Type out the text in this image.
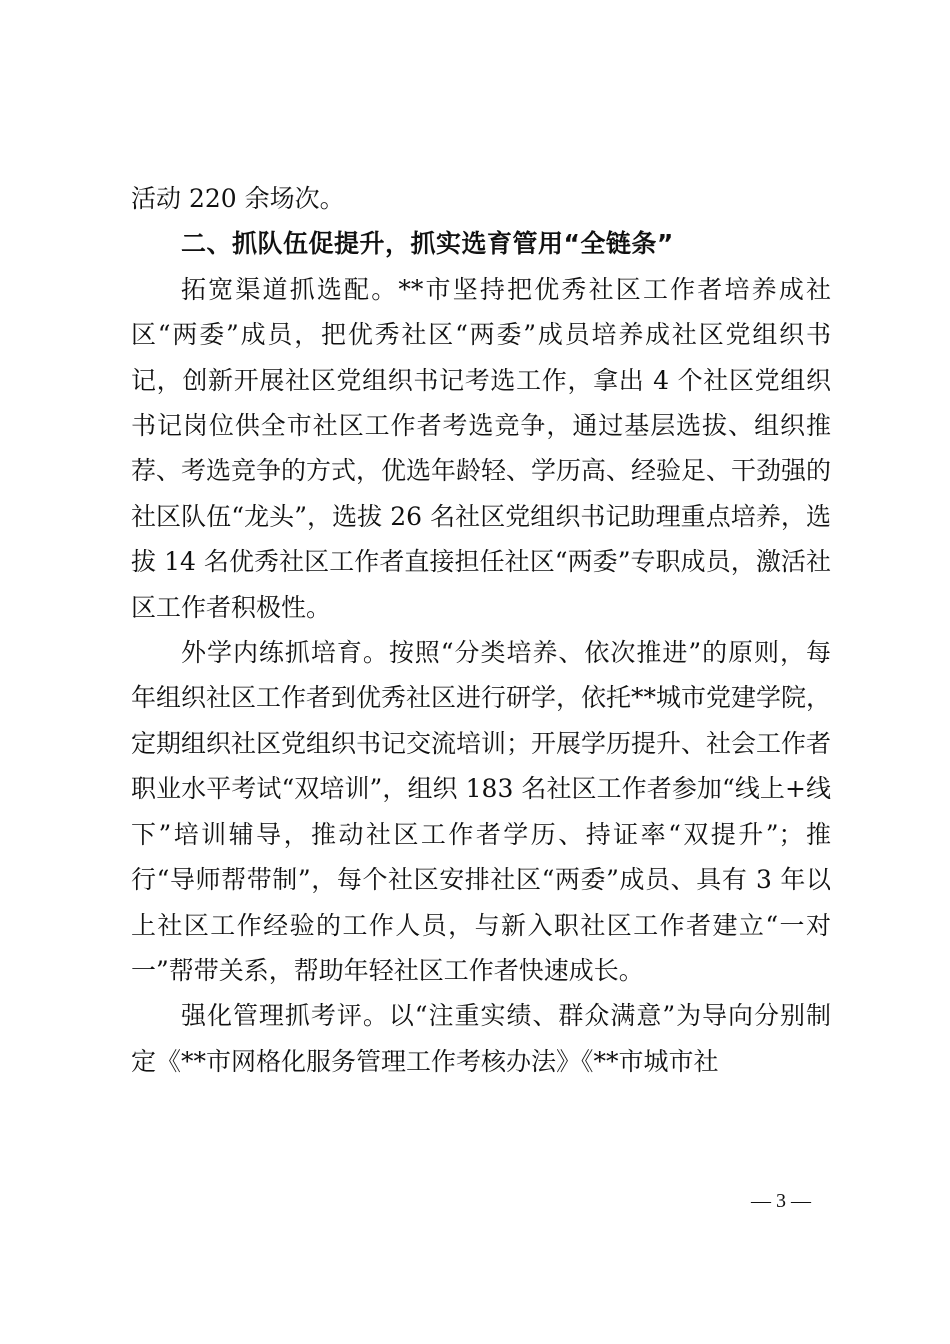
活动 220 余场次。

二、抓队伍促提升，抓实选育管用“全链条”

拓宽渠道抓选配。**市坚持把优秀社区工作者培养成社区“两委”成员，把优秀社区“两委”成员培养成社区党组织书记，创新开展社区党组织书记考选工作，拿出 4 个社区党组织书记岗位供全市社区工作者考选竞争，通过基层选拔、组织推荐、考选竞争的方式，优选年龄轻、学历高、经验足、干劲强的社区队伍“龙头”，选拔 26 名社区党组织书记助理重点培养，选拔 14 名优秀社区工作者直接担任社区“两委”专职成员，激活社区工作者积极性。

外学内练抓培育。按照“分类培养、依次推进”的原则，每年组织社区工作者到优秀社区进行研学，依托**城市党建学院，定期组织社区党组织书记交流培训；开展学历提升、社会工作者职业水平考试“双培训”，组织 183 名社区工作者参加“线上+线下”培训辅导，推动社区工作者学历、持证率“双提升”；推行“导师帮带制”，每个社区安排社区“两委”成员、具有 3 年以上社区工作经验的工作人员，与新入职社区工作者建立“一对一”帮带关系，帮助年轻社区工作者快速成长。

强化管理抓考评。以“注重实绩、群众满意”为导向分别制定《**市网格化服务管理工作考核办法》《**市城市社

— 3 —
